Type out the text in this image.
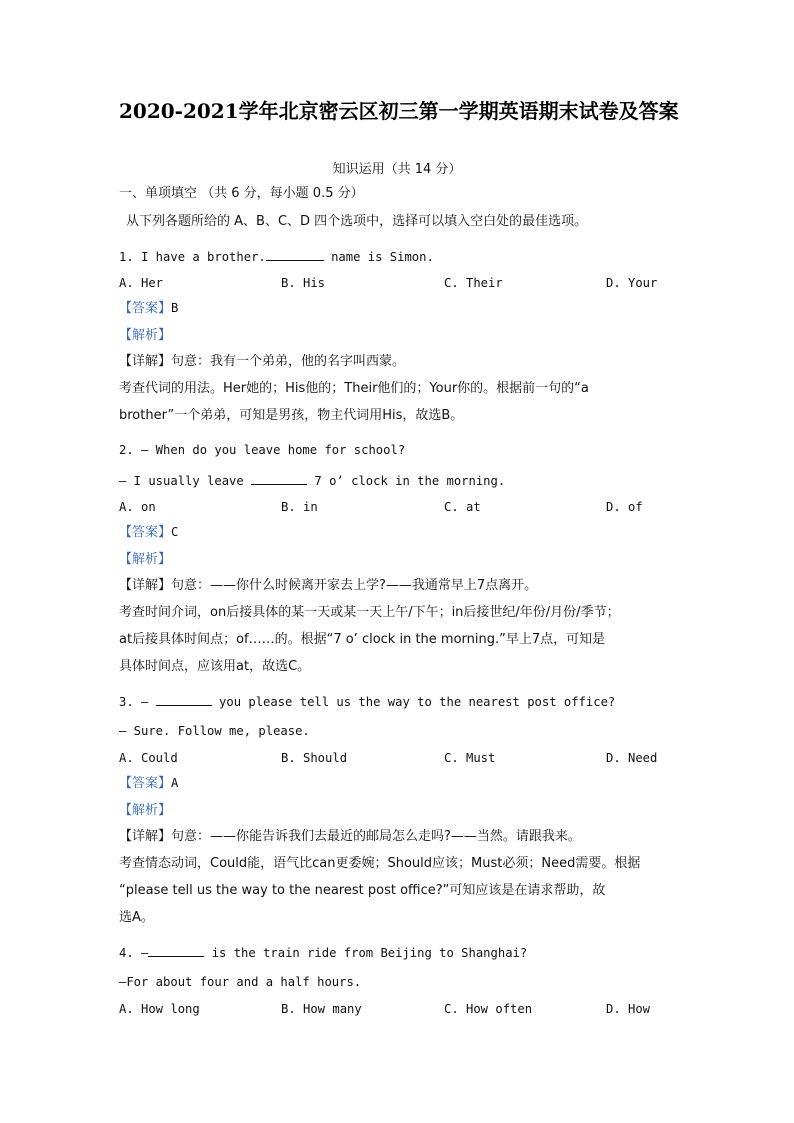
2020-2021学年北京密云区初三第一学期英语期末试卷及答案
知识运用（共 14 分）
一、单项填空 （共 6 分，每小题 0.5 分）
从下列各题所给的 A、B、C、D 四个选项中，选择可以填入空白处的最佳选项。
1. I have a brother.	name is Simon.
A. Her	B. His	C. Their	D. Your
【答案】B
【解析】
【详解】句意：我有一个弟弟，他的名字叫西蒙。
考查代词的用法。Her她的；His他的；Their他们的；Your你的。根据前一句的“a
brother”一个弟弟，可知是男孩，物主代词用His，故选B。
2. — When do you leave home for school?
— I usually leave	7 o’ clock in the morning.
A. on	B. in	C. at	D. of
【答案】C
【解析】
【详解】句意：——你什么时候离开家去上学?——我通常早上7点离开。
考查时间介词，on后接具体的某一天或某一天上午/下午；in后接世纪/年份/月份/季节；
at后接具体时间点；of……的。根据“7 o’ clock in the morning.”早上7点，可知是
具体时间点，应该用at，故选C。
3. —	you please tell us the way to the nearest post office?
— Sure. Follow me, please.
A. Could	B. Should	C. Must	D. Need
【答案】A
【解析】
【详解】句意：——你能告诉我们去最近的邮局怎么走吗?——当然。请跟我来。
考查情态动词，Could能，语气比can更委婉；Should应该；Must必须；Need需要。根据
“please tell us the way to the nearest post office?”可知应该是在请求帮助，故
选A。
4. —	is the train ride from Beijing to Shanghai?
—For about four and a half hours.
A. How long	B. How many	C. How often	D. How
